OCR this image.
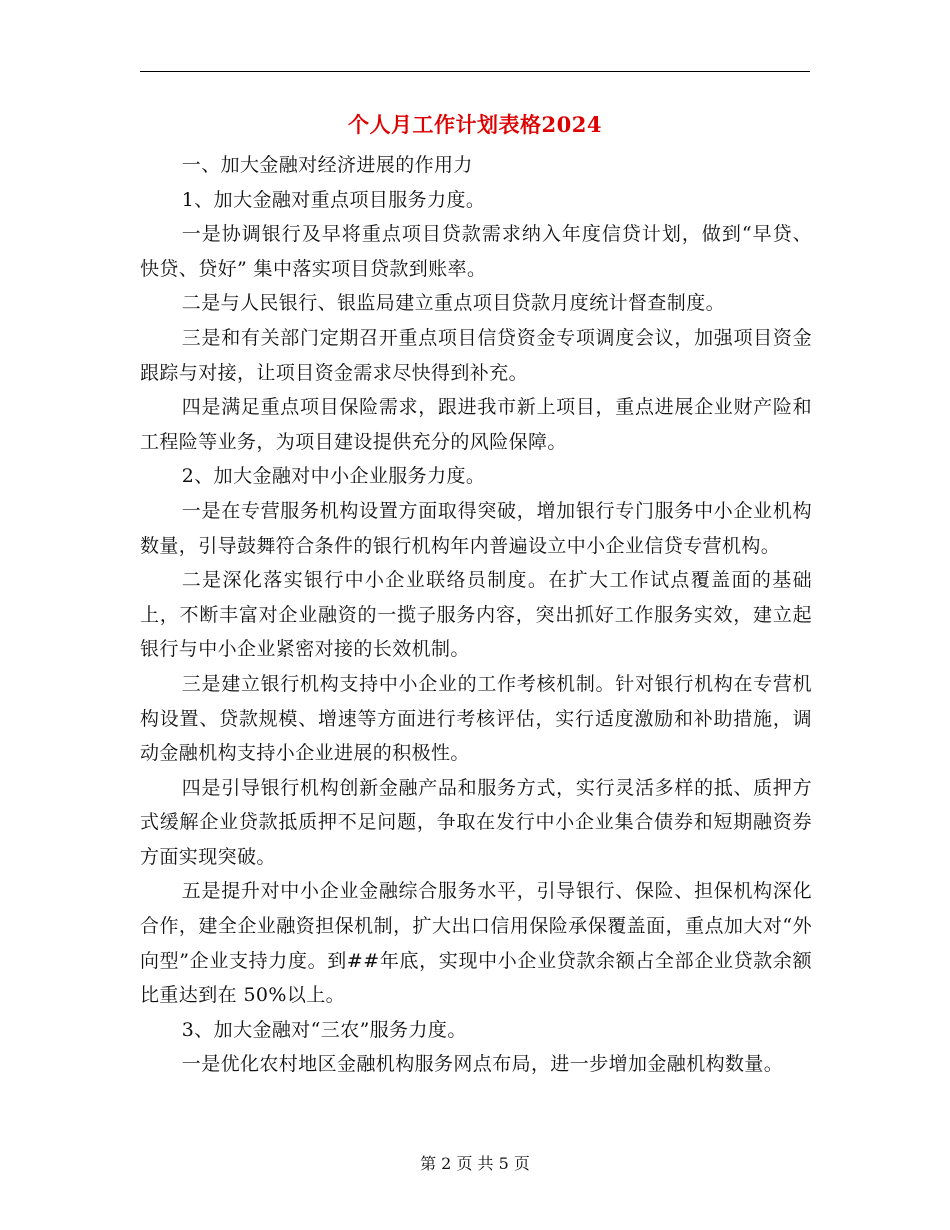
个人月工作计划表格2024

一、加大金融对经济进展的作用力

1、加大金融对重点项目服务力度。

一是协调银行及早将重点项目贷款需求纳入年度信贷计划，做到“早贷、快贷、贷好” 集中落实项目贷款到账率。

二是与人民银行、银监局建立重点项目贷款月度统计督查制度。

三是和有关部门定期召开重点项目信贷资金专项调度会议，加强项目资金跟踪与对接，让项目资金需求尽快得到补充。

四是满足重点项目保险需求，跟进我市新上项目，重点进展企业财产险和工程险等业务，为项目建设提供充分的风险保障。

2、加大金融对中小企业服务力度。

一是在专营服务机构设置方面取得突破，增加银行专门服务中小企业机构数量，引导鼓舞符合条件的银行机构年内普遍设立中小企业信贷专营机构。

二是深化落实银行中小企业联络员制度。在扩大工作试点覆盖面的基础上，不断丰富对企业融资的一揽子服务内容，突出抓好工作服务实效，建立起银行与中小企业紧密对接的长效机制。

三是建立银行机构支持中小企业的工作考核机制。针对银行机构在专营机构设置、贷款规模、增速等方面进行考核评估，实行适度激励和补助措施，调动金融机构支持小企业进展的积极性。

四是引导银行机构创新金融产品和服务方式，实行灵活多样的抵、质押方式缓解企业贷款抵质押不足问题，争取在发行中小企业集合债券和短期融资券方面实现突破。

五是提升对中小企业金融综合服务水平，引导银行、保险、担保机构深化合作，建全企业融资担保机制，扩大出口信用保险承保覆盖面，重点加大对“外向型”企业支持力度。到##年底，实现中小企业贷款余额占全部企业贷款余额比重达到在 50%以上。

3、加大金融对“三农”服务力度。

一是优化农村地区金融机构服务网点布局，进一步增加金融机构数量。

第 2 页 共 5 页
